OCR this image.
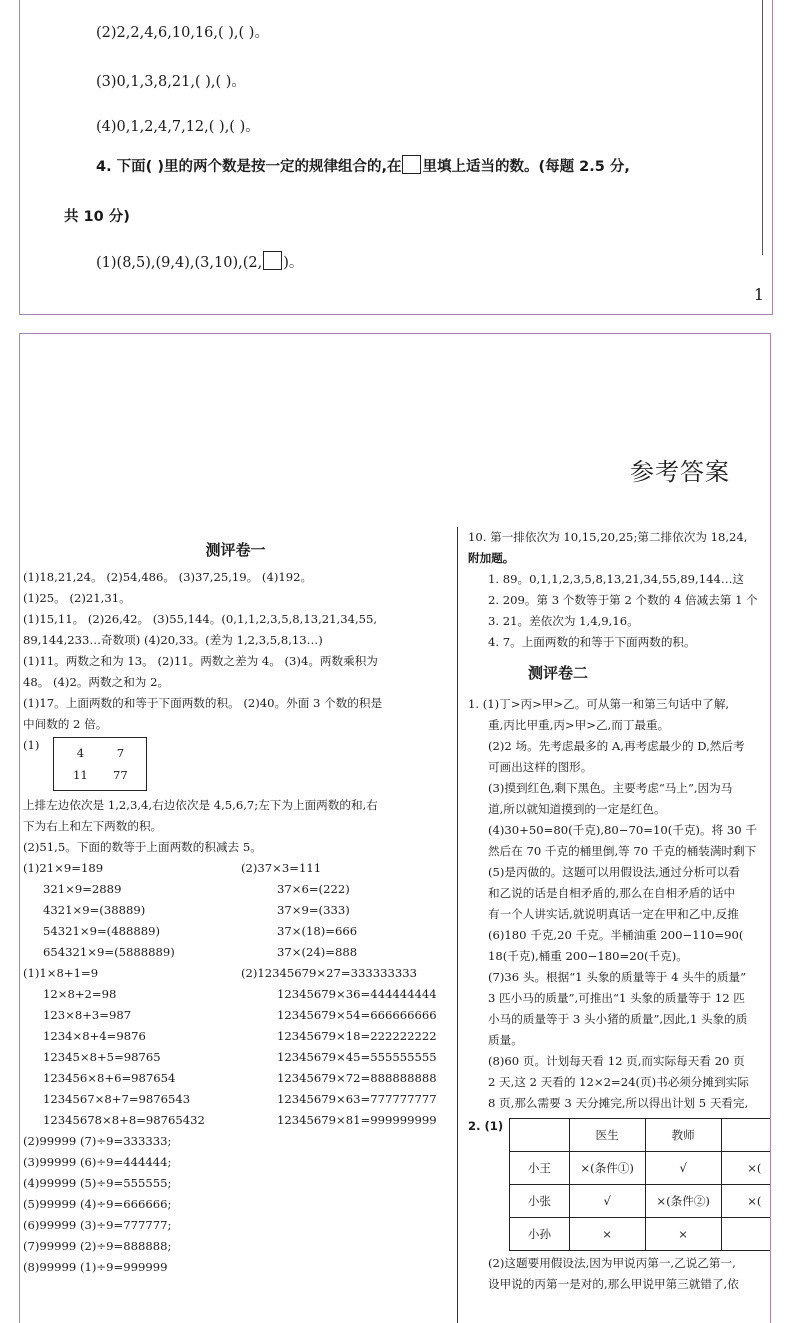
(2)2,2,4,6,10,16,( ),( )。
(3)0,1,3,8,21,( ),( )。
(4)0,1,2,4,7,12,( ),( )。
4. 下面( )里的两个数是按一定的规律组合的,在 里填上适当的数。(每题 2.5 分,
共 10 分)
(1)(8,5),(9,4),(3,10),(2, )。
1
参考答案
测评卷一
(1)18,21,24。 (2)54,486。 (3)37,25,19。 (4)192。
(1)25。 (2)21,31。
(1)15,11。 (2)26,42。 (3)55,144。(0,1,1,2,3,5,8,13,21,34,55,
89,144,233…奇数项) (4)20,33。(差为 1,2,3,5,8,13…)
(1)11。两数之和为 13。 (2)11。两数之差为 4。 (3)4。两数乘积为
48。 (4)2。两数之和为 2。
(1)17。上面两数的和等于下面两数的积。 (2)40。外面 3 个数的积是
中间数的 2 倍。
(1)
4	7
11	77
上排左边依次是 1,2,3,4,右边依次是 4,5,6,7;左下为上面两数的和,右
下为右上和左下两数的积。
(2)51,5。下面的数等于上面两数的积减去 5。
(1)21×9=189	(2)37×3=111
321×9=2889	37×6=(222)
4321×9=(38889)	37×9=(333)
54321×9=(488889)	37×(18)=666
654321×9=(5888889)	37×(24)=888
(1)1×8+1=9	(2)12345679×27=333333333
12×8+2=98	12345679×36=444444444
123×8+3=987	12345679×54=666666666
1234×8+4=9876	12345679×18=222222222
12345×8+5=98765	12345679×45=555555555
123456×8+6=987654	12345679×72=888888888
1234567×8+7=9876543	12345679×63=777777777
12345678×8+8=98765432	12345679×81=999999999
(2)99999 (7)÷9=333333;
(3)99999 (6)÷9=444444;
(4)99999 (5)÷9=555555;
(5)99999 (4)÷9=666666;
(6)99999 (3)÷9=777777;
(7)99999 (2)÷9=888888;
(8)99999 (1)÷9=999999
10. 第一排依次为 10,15,20,25;第二排依次为 18,24,
附加题。
1. 89。0,1,1,2,3,5,8,13,21,34,55,89,144…这
2. 209。第 3 个数等于第 2 个数的 4 倍减去第 1 个
3. 21。差依次为 1,4,9,16。
4. 7。上面两数的和等于下面两数的积。
测评卷二
1. (1)丁>丙>甲>乙。可从第一和第三句话中了解,
重,丙比甲重,丙>甲>乙,而丁最重。
(2)2 场。先考虑最多的 A,再考虑最少的 D,然后考
可画出这样的图形。
(3)摸到红色,剩下黑色。主要考虑“马上”,因为马
道,所以就知道摸到的一定是红色。
(4)30+50=80(千克),80−70=10(千克)。将 30 千
然后在 70 千克的桶里倒,等 70 千克的桶装满时剩下
(5)是丙做的。这题可以用假设法,通过分析可以看
和乙说的话是自相矛盾的,那么在自相矛盾的话中
有一个人讲实话,就说明真话一定在甲和乙中,反推
(6)180 千克,20 千克。半桶油重 200−110=90(
18(千克),桶重 200−180=20(千克)。
(7)36 头。根据“1 头象的质量等于 4 头牛的质量”
3 匹小马的质量”,可推出“1 头象的质量等于 12 匹
小马的质量等于 3 头小猪的质量”,因此,1 头象的质
质量。
(8)60 页。计划每天看 12 页,而实际每天看 20 页
2 天,这 2 天看的 12×2=24(页)书必须分摊到实际
8 页,那么需要 3 天分摊完,所以得出计划 5 天看完,
2. (1)
	医生	教师	
小王	×(条件①)	√	×(
小张	√	×(条件②)	×(
小孙	×	×	
(2)这题要用假设法,因为甲说丙第一,乙说乙第一,
设甲说的丙第一是对的,那么甲说甲第三就错了,依
